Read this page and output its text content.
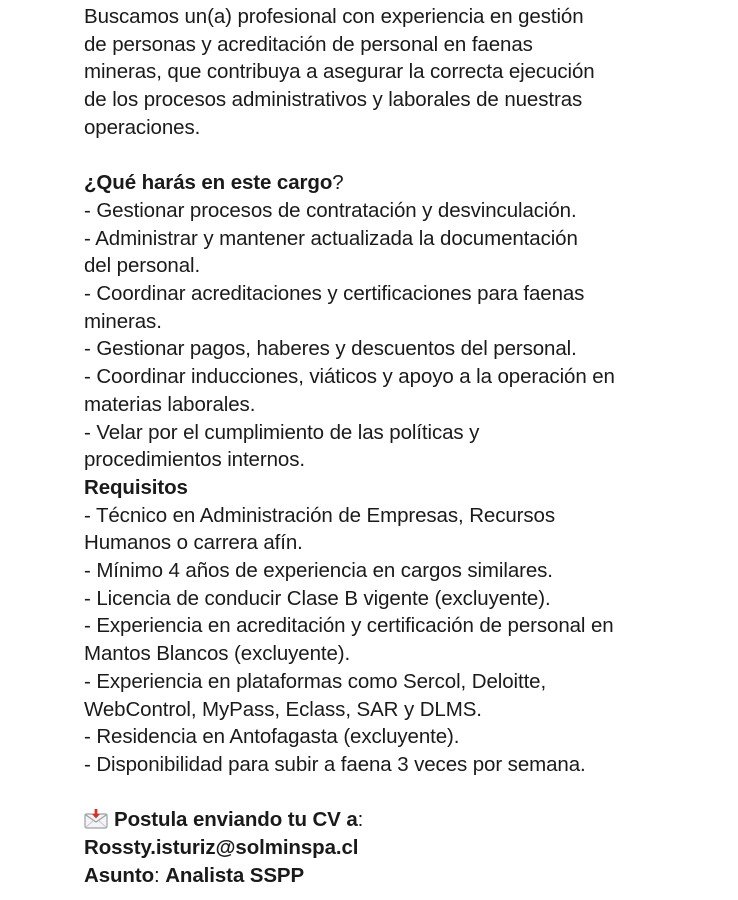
Buscamos un(a) profesional con experiencia en gestión

de personas y acreditación de personal en faenas

mineras, que contribuya a asegurar la correcta ejecución

de los procesos administrativos y laborales de nuestras

operaciones.

¿Qué harás en este cargo?

- Gestionar procesos de contratación y desvinculación.

- Administrar y mantener actualizada la documentación

del personal.

- Coordinar acreditaciones y certificaciones para faenas

mineras.

- Gestionar pagos, haberes y descuentos del personal.

- Coordinar inducciones, viáticos y apoyo a la operación en

materias laborales.

- Velar por el cumplimiento de las políticas y

procedimientos internos.

Requisitos

- Técnico en Administración de Empresas, Recursos

Humanos o carrera afín.

- Mínimo 4 años de experiencia en cargos similares.

- Licencia de conducir Clase B vigente (excluyente).

- Experiencia en acreditación y certificación de personal en

Mantos Blancos (excluyente).

- Experiencia en plataformas como Sercol, Deloitte,

WebControl, MyPass, Eclass, SAR y DLMS.

- Residencia en Antofagasta (excluyente).

- Disponibilidad para subir a faena 3 veces por semana.

Postula enviando tu CV a:

Rossty.isturiz@solminspa.cl

Asunto: Analista SSPP
